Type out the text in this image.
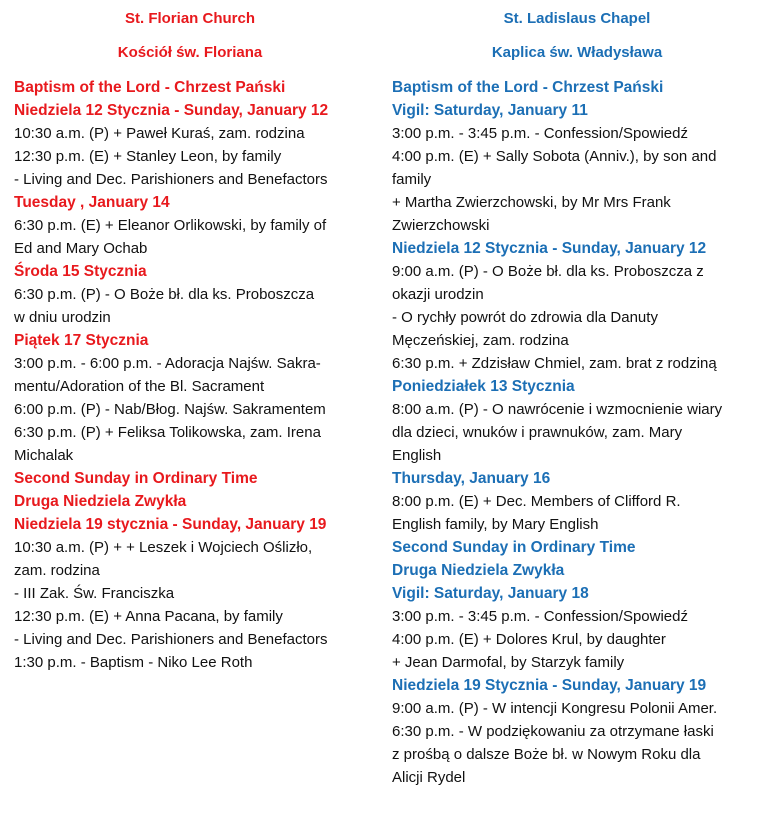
St. Florian Church
Kościół św. Floriana
Baptism of the Lord - Chrzest Pański
Niedziela 12 Stycznia - Sunday, January 12
10:30 a.m. (P) + Paweł Kuraś, zam. rodzina
12:30 p.m. (E) + Stanley Leon, by family
- Living and Dec. Parishioners and Benefactors
Tuesday , January 14
6:30 p.m. (E) + Eleanor Orlikowski, by family of
Ed and Mary Ochab
Środa 15 Stycznia
6:30 p.m. (P) - O Boże bł. dla ks. Proboszcza
w dniu urodzin
Piątek 17 Stycznia
3:00 p.m. - 6:00 p.m. - Adoracja Najśw. Sakra-
mentu/Adoration of the Bl. Sacrament
6:00 p.m. (P) - Nab/Błog. Najśw. Sakramentem
6:30 p.m. (P) + Feliksa Tolikowska, zam. Irena
Michalak
Second Sunday in Ordinary Time
Druga Niedziela Zwykła
Niedziela 19 stycznia - Sunday, January 19
10:30 a.m. (P) + + Leszek i Wojciech Oślizło,
zam. rodzina
- III Zak. Św. Franciszka
12:30 p.m. (E) + Anna Pacana, by family
- Living and Dec. Parishioners and Benefactors
1:30 p.m. - Baptism - Niko Lee Roth
St. Ladislaus Chapel
Kaplica św. Władysława
Baptism of the Lord - Chrzest Pański
Vigil: Saturday, January 11
3:00 p.m. - 3:45 p.m. - Confession/Spowiedź
4:00 p.m. (E) + Sally Sobota (Anniv.), by son and
family
+ Martha Zwierzchowski, by Mr Mrs Frank
Zwierzchowski
Niedziela 12 Stycznia - Sunday, January 12
9:00 a.m. (P) - O Boże bł. dla ks. Proboszcza z
okazji urodzin
- O rychły powrót do zdrowia dla Danuty
Męczeńskiej, zam. rodzina
6:30 p.m. + Zdzisław Chmiel, zam. brat z rodziną
Poniedziałek 13 Stycznia
8:00 a.m. (P) - O nawrócenie i wzmocnienie wiary
dla dzieci, wnuków i prawnuków, zam. Mary
English
Thursday, January 16
8:00 p.m. (E) + Dec. Members of Clifford R.
English family, by Mary English
Second Sunday in Ordinary Time
Druga Niedziela Zwykła
Vigil: Saturday, January 18
3:00 p.m. - 3:45 p.m. - Confession/Spowiedź
4:00 p.m. (E) + Dolores Krul, by daughter
+ Jean Darmofal, by Starzyk family
Niedziela 19 Stycznia - Sunday, January 19
9:00 a.m. (P) - W intencji Kongresu Polonii Amer.
6:30 p.m. - W podziękowaniu za otrzymane łaski
z prośbą o dalsze Boże bł. w Nowym Roku dla
Alicji Rydel
